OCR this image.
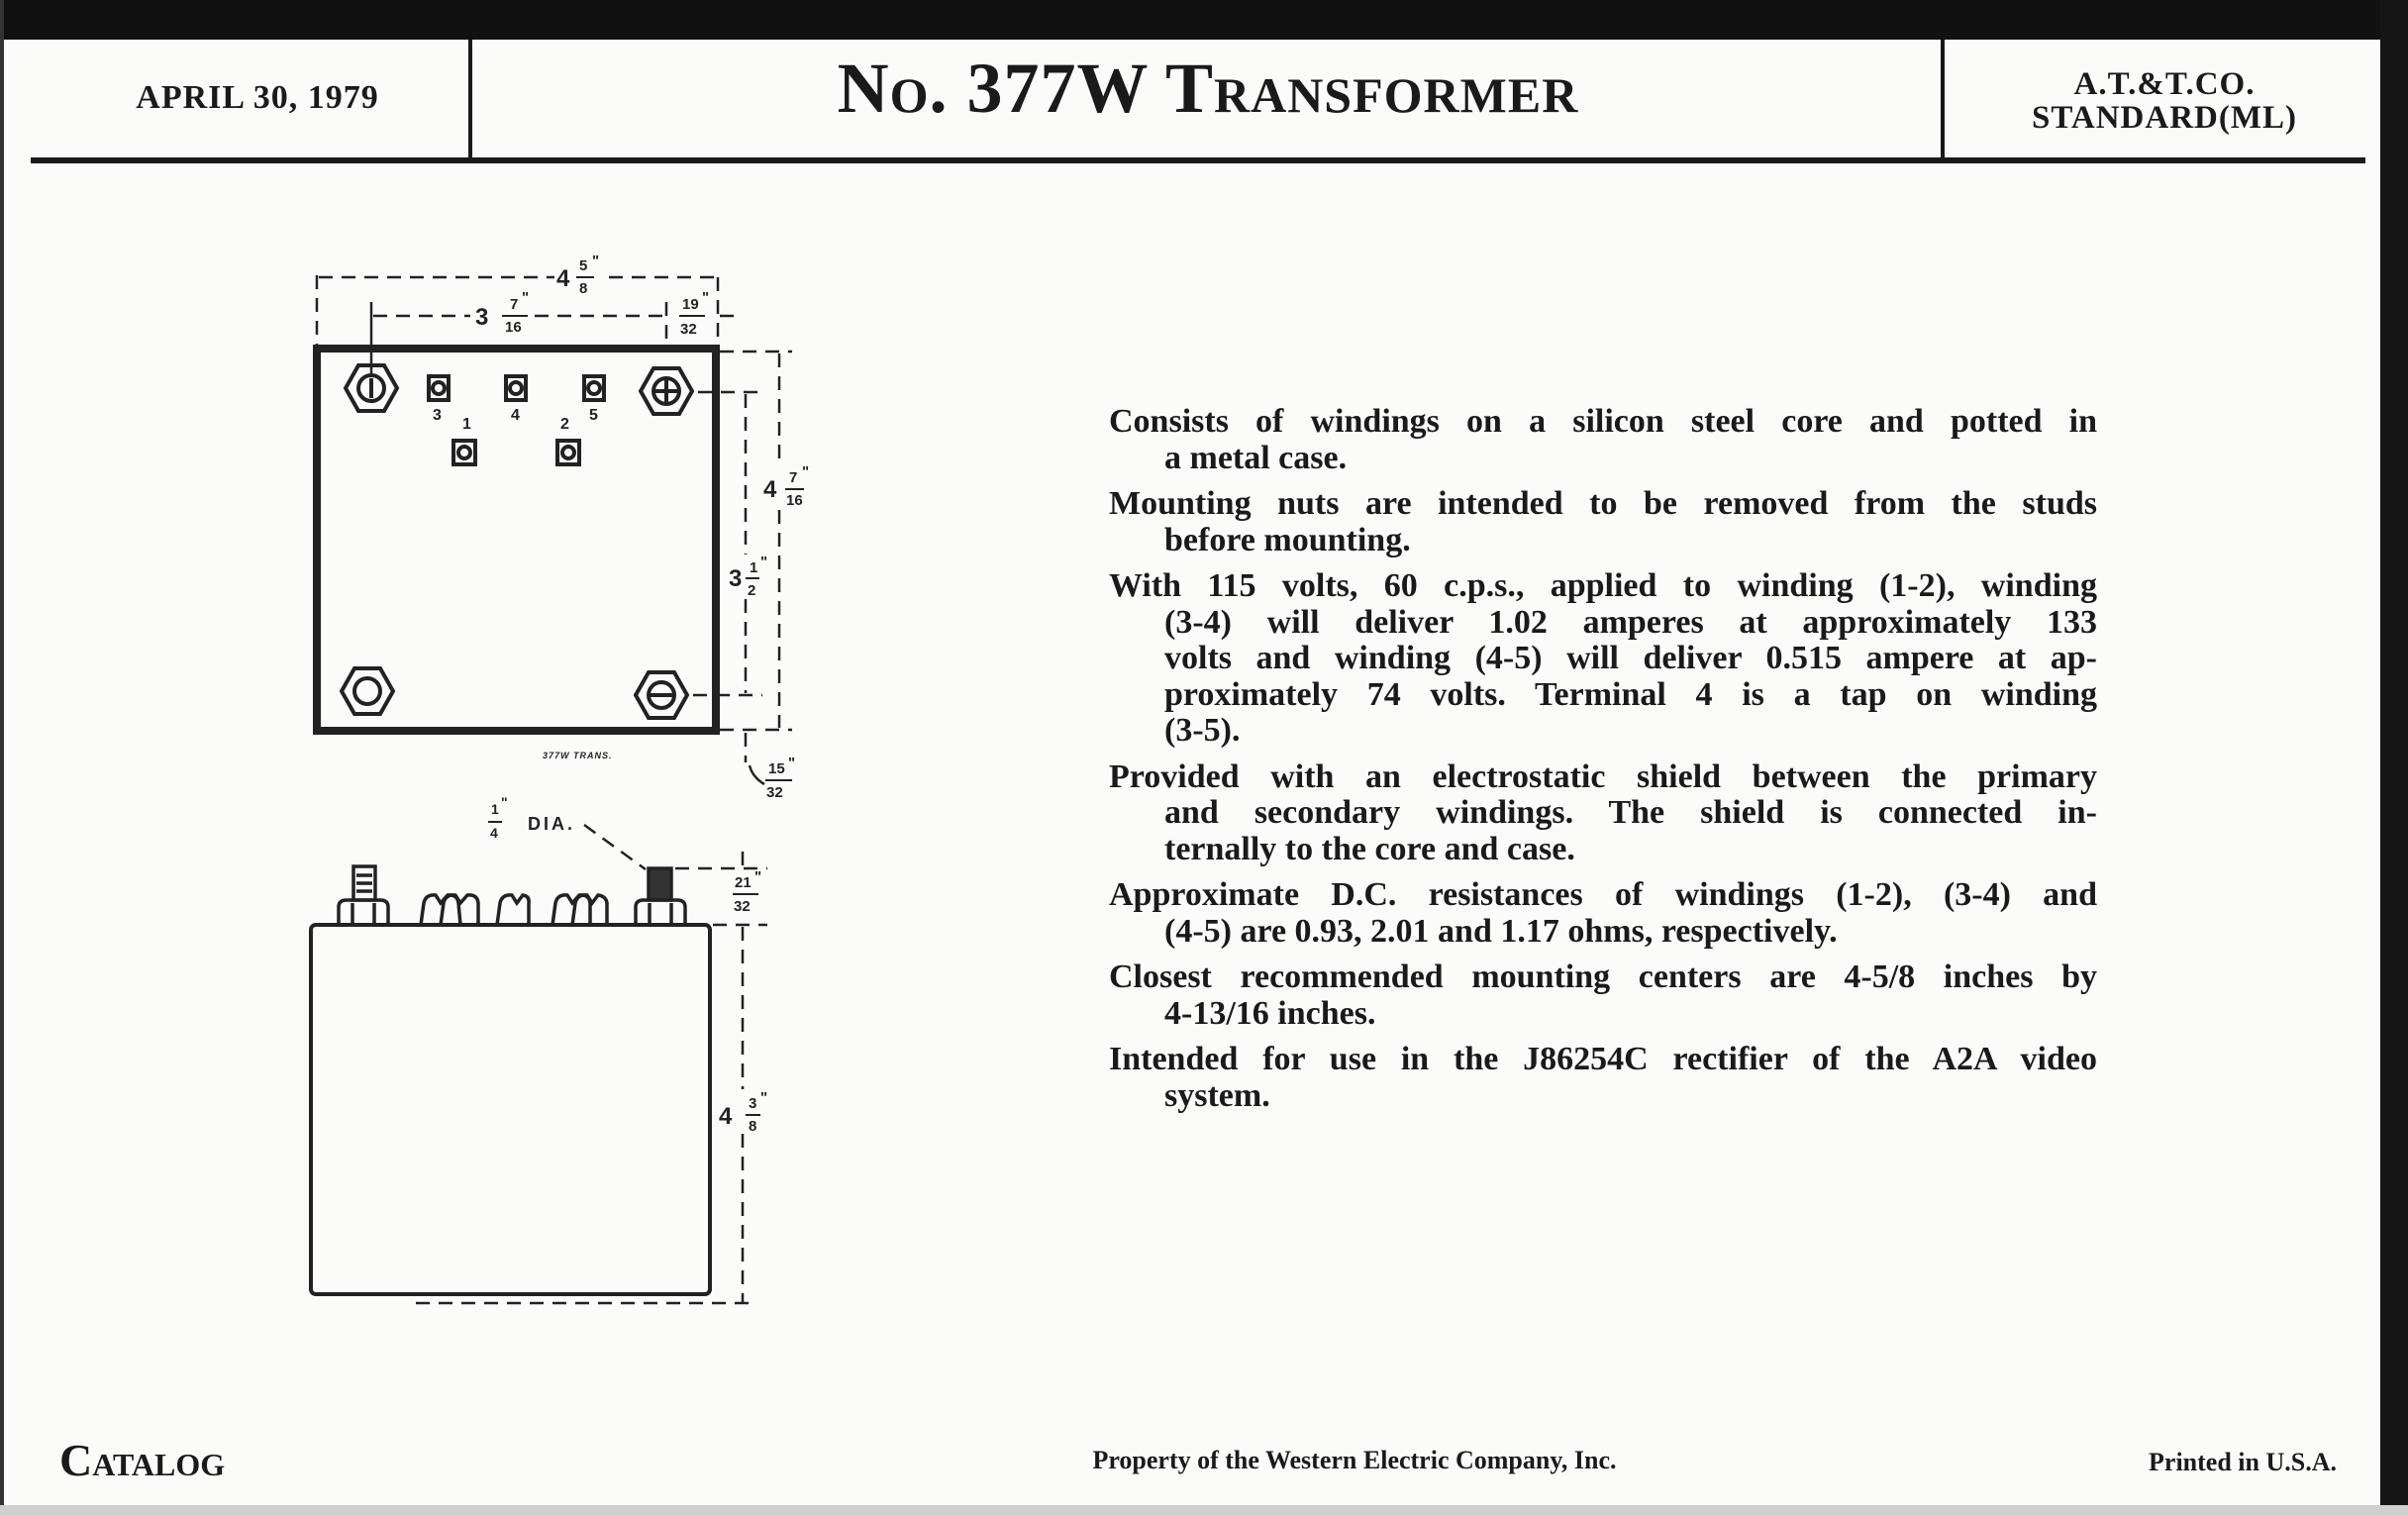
APRIL 30, 1979	No. 377W Transformer	A.T.&T.CO.
STANDARD(ML)
3	4	5
1	2
4 5 "
8
3 7 "
16
19 "
32
4 7 "
16
3 1 "
2
15 "
32
377W TRANS.
1 "
4 DIA.
21 "
32
4 3 "
8
Consists of windings on a silicon steel core and potted in
a metal case.
Mounting nuts are intended to be removed from the studs
before mounting.
With 115 volts, 60 c.p.s., applied to winding (1-2), winding
(3-4) will deliver 1.02 amperes at approximately 133
volts and winding (4-5) will deliver 0.515 ampere at ap-
proximately 74 volts. Terminal 4 is a tap on winding
(3-5).
Provided with an electrostatic shield between the primary
and secondary windings. The shield is connected in-
ternally to the core and case.
Approximate D.C. resistances of windings (1-2), (3-4) and
(4-5) are 0.93, 2.01 and 1.17 ohms, respectively.
Closest recommended mounting centers are 4-5/8 inches by
4-13/16 inches.
Intended for use in the J86254C rectifier of the A2A video
system.
Catalog	Property of the Western Electric Company, Inc.	Printed in U.S.A.
